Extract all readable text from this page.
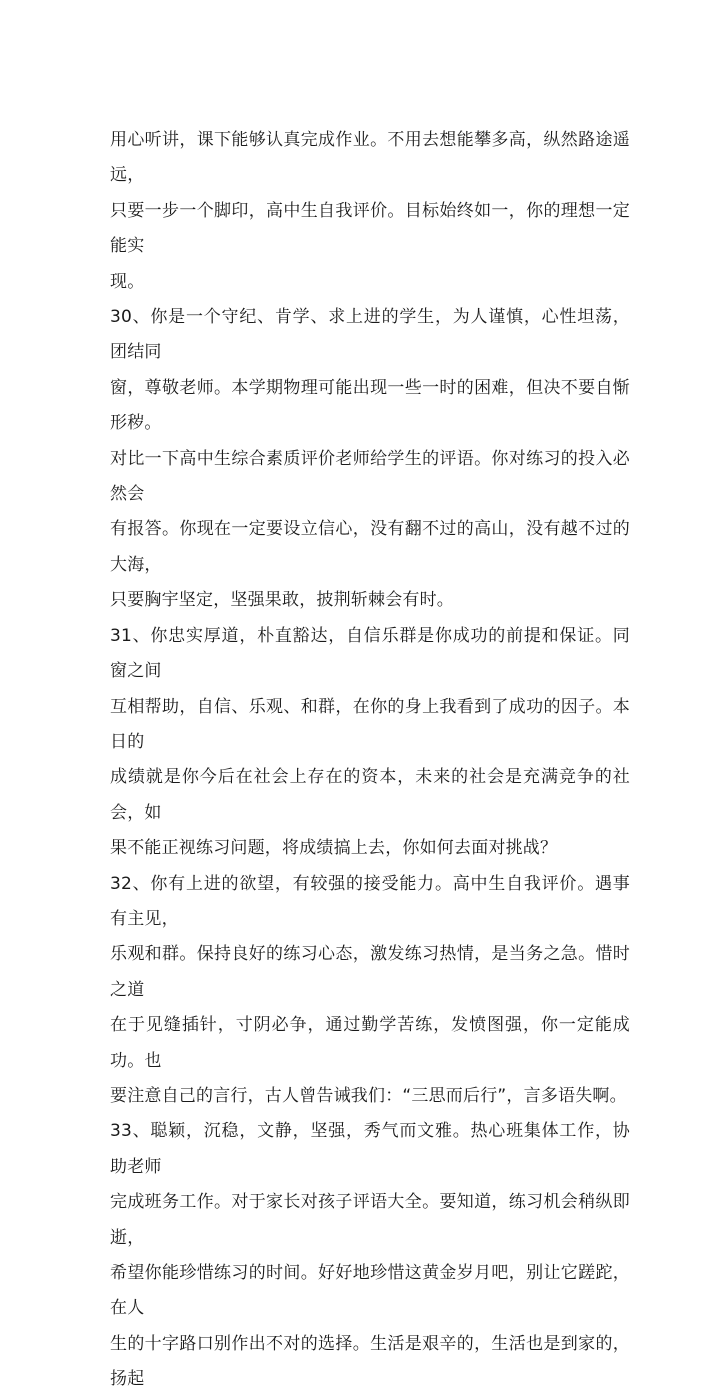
用心听讲，课下能够认真完成作业。不用去想能攀多高，纵然路途遥远，
只要一步一个脚印，高中生自我评价。目标始终如一，你的理想一定能实
现。

30、你是一个守纪、肯学、求上进的学生，为人谨慎，心性坦荡，团结同
窗，尊敬老师。本学期物理可能出现一些一时的困难，但决不要自惭形秽。
对比一下高中生综合素质评价老师给学生的评语。你对练习的投入必然会
有报答。你现在一定要设立信心，没有翻不过的高山，没有越不过的大海，
只要胸宇坚定，坚强果敢，披荆斩棘会有时。

31、你忠实厚道，朴直豁达，自信乐群是你成功的前提和保证。同窗之间
互相帮助，自信、乐观、和群，在你的身上我看到了成功的因子。本日的
成绩就是你今后在社会上存在的资本，未来的社会是充满竞争的社会，如
果不能正视练习问题，将成绩搞上去，你如何去面对挑战？

32、你有上进的欲望，有较强的接受能力。高中生自我评价。遇事有主见，
乐观和群。保持良好的练习心态，激发练习热情，是当务之急。惜时之道
在于见缝插针，寸阴必争，通过勤学苦练，发愤图强，你一定能成功。也
要注意自己的言行，古人曾告诫我们：“三思而后行”，言多语失啊。

33、聪颖，沉稳，文静，坚强，秀气而文雅。热心班集体工作，协助老师
完成班务工作。对于家长对孩子评语大全。要知道，练习机会稍纵即逝，
希望你能珍惜练习的时间。好好地珍惜这黄金岁月吧，别让它蹉跎，在人
生的十字路口别作出不对的选择。生活是艰辛的，生活也是到家的，扬起
